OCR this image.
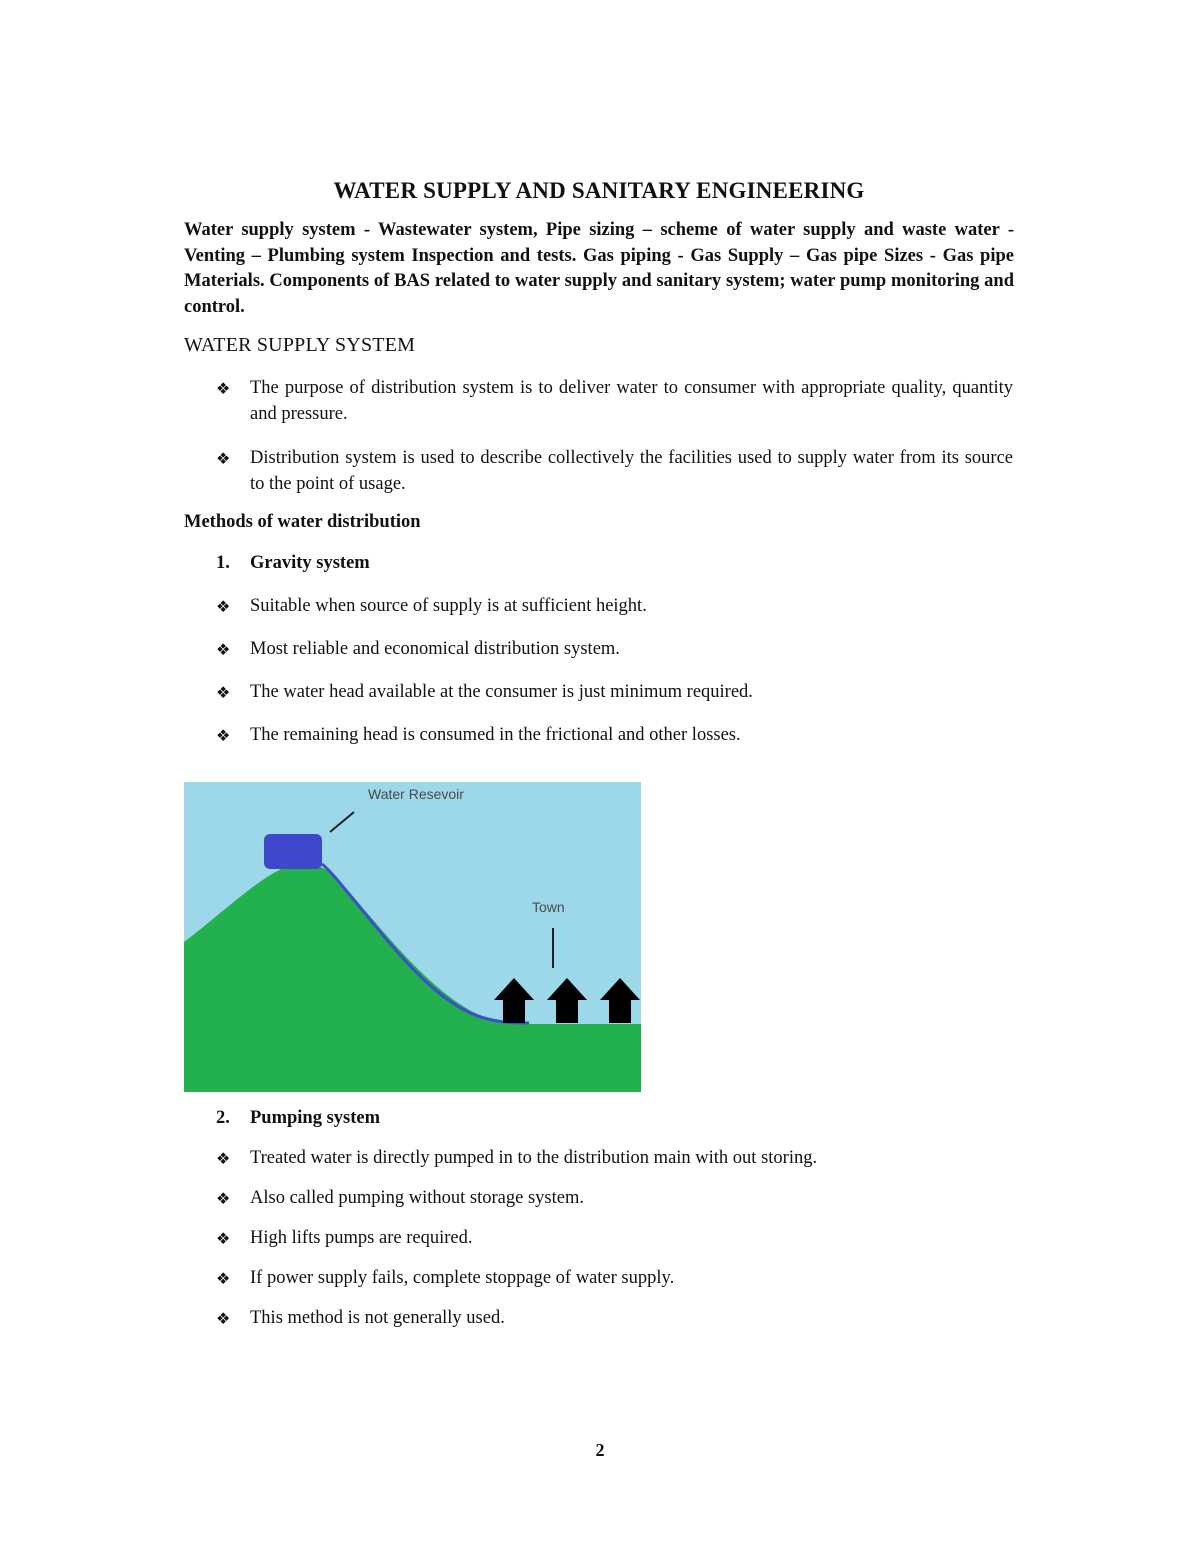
WATER SUPPLY AND SANITARY ENGINEERING

Water supply system - Wastewater system, Pipe sizing – scheme of water supply and waste water - Venting – Plumbing system Inspection and tests. Gas piping - Gas Supply – Gas pipe Sizes - Gas pipe Materials. Components of BAS related to water supply and sanitary system; water pump monitoring and control.

WATER SUPPLY SYSTEM
❖	The purpose of distribution system is to deliver water to consumer with appropriate quality, quantity and pressure.
❖	Distribution system is used to describe collectively the facilities used to supply water from its source to the point of usage.
Methods of water distribution
1. Gravity system
❖	Suitable when source of supply is at sufficient height.
❖	Most reliable and economical distribution system.
❖	The water head available at the consumer is just minimum required.
❖	The remaining head is consumed in the frictional and other losses.
Water Resevoir
Town
2. Pumping system
❖	Treated water is directly pumped in to the distribution main with out storing.
❖	Also called pumping without storage system.
❖	High lifts pumps are required.
❖	If power supply fails, complete stoppage of water supply.
❖	This method is not generally used.
2
